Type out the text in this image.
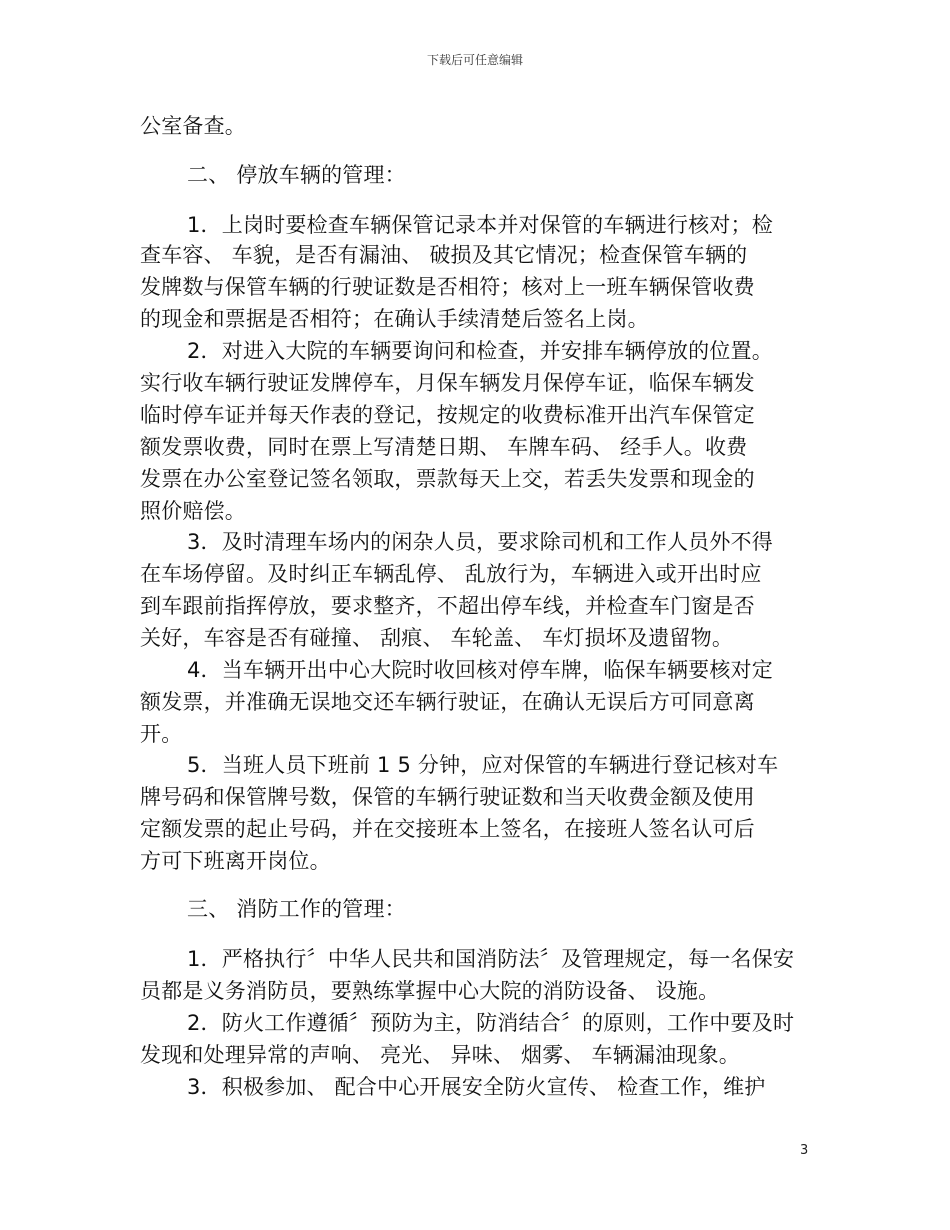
下载后可任意编辑
公室备查。
二、 停放车辆的管理：
1．上岗时要检查车辆保管记录本并对保管的车辆进行核对；检
查车容、 车貌，是否有漏油、 破损及其它情况；检查保管车辆的
发牌数与保管车辆的行驶证数是否相符；核对上一班车辆保管收费
的现金和票据是否相符；在确认手续清楚后签名上岗。
2．对进入大院的车辆要询问和检查，并安排车辆停放的位置。
实行收车辆行驶证发牌停车，月保车辆发月保停车证，临保车辆发
临时停车证并每天作表的登记，按规定的收费标准开出汽车保管定
额发票收费，同时在票上写清楚日期、 车牌车码、 经手人。收费
发票在办公室登记签名领取，票款每天上交，若丢失发票和现金的
照价赔偿。
3．及时清理车场内的闲杂人员，要求除司机和工作人员外不得
在车场停留。及时纠正车辆乱停、 乱放行为，车辆进入或开出时应
到车跟前指挥停放，要求整齐，不超出停车线，并检查车门窗是否
关好，车容是否有碰撞、 刮痕、 车轮盖、 车灯损坏及遗留物。
4．当车辆开出中心大院时收回核对停车牌，临保车辆要核对定
额发票，并准确无误地交还车辆行驶证，在确认无误后方可同意离
开。
5．当班人员下班前 1 5 分钟，应对保管的车辆进行登记核对车
牌号码和保管牌号数，保管的车辆行驶证数和当天收费金额及使用
定额发票的起止号码，并在交接班本上签名，在接班人签名认可后
方可下班离开岗位。
三、 消防工作的管理：
1．严格执行〞中华人民共和国消防法〞及管理规定，每一名保安
员都是义务消防员，要熟练掌握中心大院的消防设备、 设施。
2．防火工作遵循〞预防为主，防消结合〞的原则，工作中要及时
发现和处理异常的声响、 亮光、 异味、 烟雾、 车辆漏油现象。
3．积极参加、 配合中心开展安全防火宣传、 检查工作，维护
3
